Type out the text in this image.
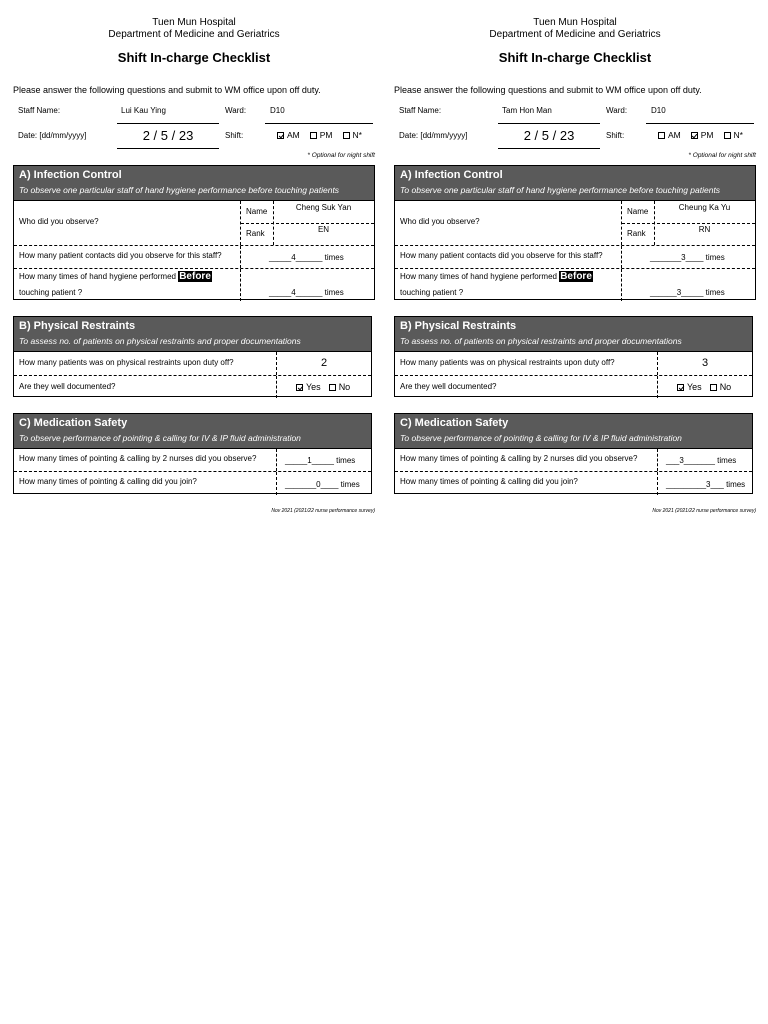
Tuen Mun Hospital
Department of Medicine and Geriatrics
Shift In-charge Checklist
Please answer the following questions and submit to WM office upon off duty.
Staff Name:	Lui Kau Ying	Ward:	D10
Date: [dd/mm/yyyy]	2 / 5 / 23	Shift:	AM PM N*
* Optional for night shift
A) Infection Control
To observe one particular staff of hand hygiene performance before touching patients
Who did you observe?
Name	Cheng Suk Yan
Rank	EN
How many patient contacts did you observe for this staff?	_____4______ times
How many times of hand hygiene performed Before
touching patient ?	_____4______ times
B) Physical Restraints
To assess no. of patients on physical restraints and proper documentations
How many patients was on physical restraints upon duty off?	2
Are they well documented?	Yes No
C) Medication Safety
To observe performance of pointing & calling for IV & IP fluid administration
How many times of pointing & calling by 2 nurses did you observe?	_____1_____ times
How many times of pointing & calling did you join?	_______0____ times
Nov 2021 (2021/22 nurse performance survey)
Tuen Mun Hospital
Department of Medicine and Geriatrics
Shift In-charge Checklist
Please answer the following questions and submit to WM office upon off duty.
Staff Name:	Tam Hon Man	Ward:	D10
Date: [dd/mm/yyyy]	2 / 5 / 23	Shift:	AM PM N*
* Optional for night shift
A) Infection Control
To observe one particular staff of hand hygiene performance before touching patients
Who did you observe?
Name	Cheung Ka Yu
Rank	RN
How many patient contacts did you observe for this staff?	_______3____ times
How many times of hand hygiene performed Before
touching patient ?	______3_____ times
B) Physical Restraints
To assess no. of patients on physical restraints and proper documentations
How many patients was on physical restraints upon duty off?	3
Are they well documented?	Yes No
C) Medication Safety
To observe performance of pointing & calling for IV & IP fluid administration
How many times of pointing & calling by 2 nurses did you observe?	___3_______ times
How many times of pointing & calling did you join?	_________3___ times
Nov 2021 (2021/22 nurse performance survey)
